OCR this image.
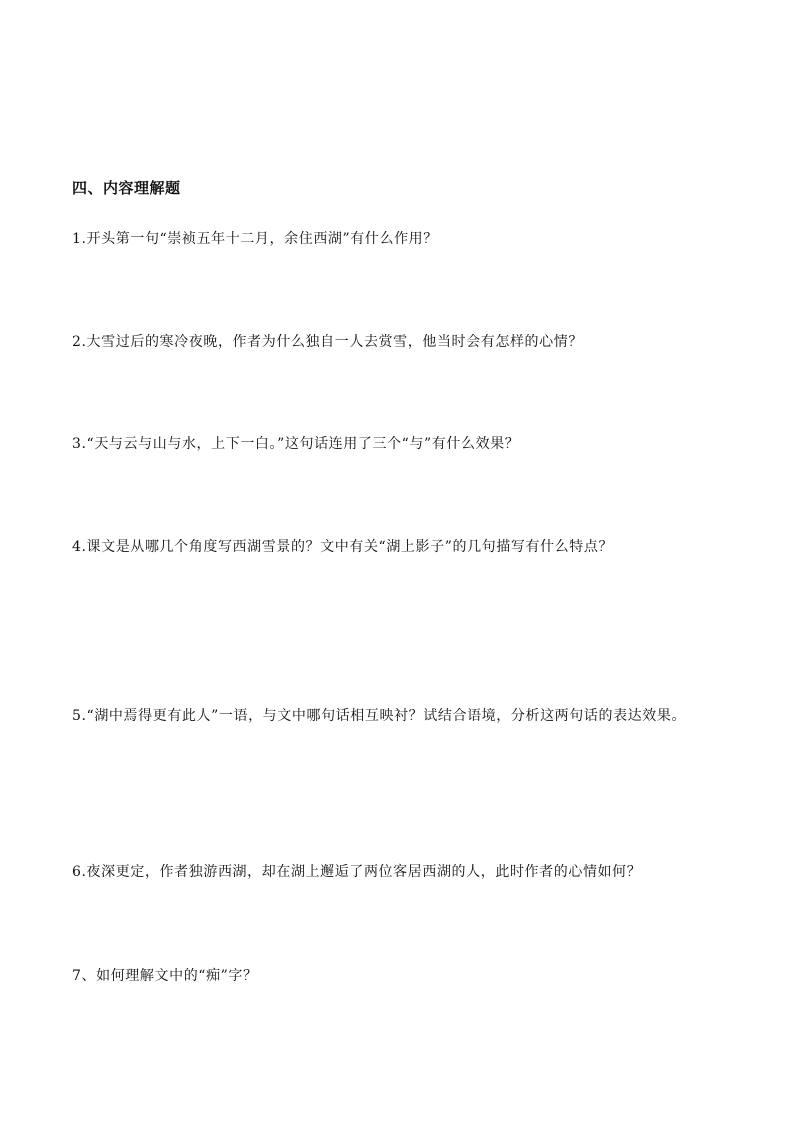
四、内容理解题

1.开头第一句“崇祯五年十二月，余住西湖”有什么作用？

2.大雪过后的寒冷夜晚，作者为什么独自一人去赏雪，他当时会有怎样的心情？

3.“天与云与山与水，上下一白。”这句话连用了三个“与”有什么效果？

4.课文是从哪几个角度写西湖雪景的？文中有关“湖上影子”的几句描写有什么特点？

5.“湖中焉得更有此人”一语，与文中哪句话相互映衬？试结合语境，分析这两句话的表达效果。

6.夜深更定，作者独游西湖，却在湖上邂逅了两位客居西湖的人，此时作者的心情如何？

7、如何理解文中的“痴”字？
